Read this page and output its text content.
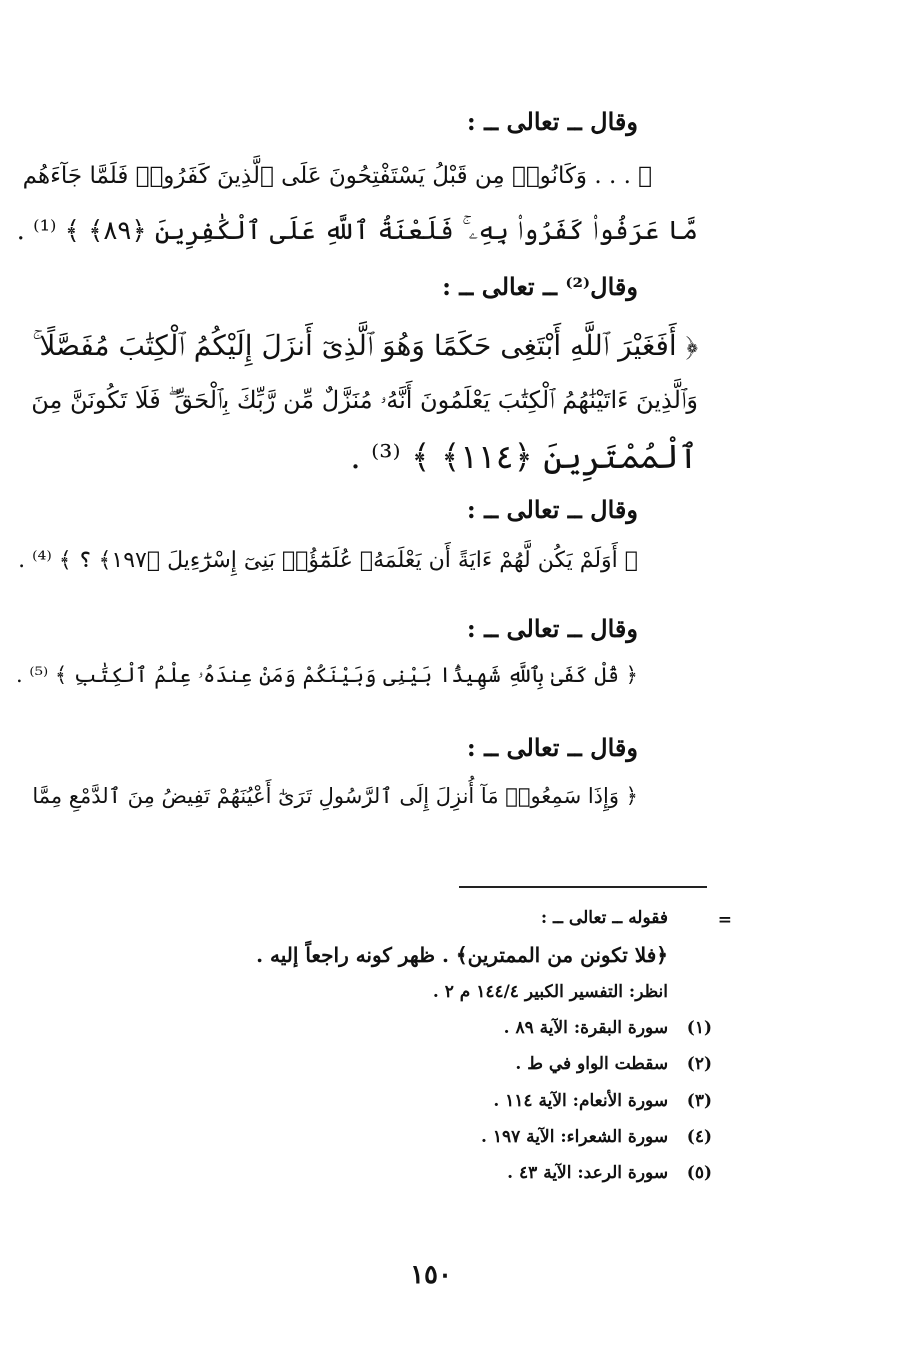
وقال ــ تعالى ــ :
﴿ . . . وَكَانُوا۟ مِن قَبْلُ يَسْتَفْتِحُونَ عَلَى ٱلَّذِينَ كَفَرُوا۟ فَلَمَّا جَآءَهُم
مَّا عَرَفُوا۟ كَفَرُوا۟ بِهِۦ ۚ فَلَعْنَةُ ٱللَّهِ عَلَى ٱلْكَٰفِرِينَ ﴿٨٩﴾ ﴾ ⁽¹⁾ .
وقال⁽²⁾ ــ تعالى ــ :
﴿ أَفَغَيْرَ ٱللَّهِ أَبْتَغِى حَكَمًا وَهُوَ ٱلَّذِىٓ أَنزَلَ إِلَيْكُمُ ٱلْكِتَٰبَ مُفَصَّلًا ۚ
وَٱلَّذِينَ ءَاتَيْنَٰهُمُ ٱلْكِتَٰبَ يَعْلَمُونَ أَنَّهُۥ مُنَزَّلٌ مِّن رَّبِّكَ بِٱلْحَقِّ ۖ فَلَا تَكُونَنَّ مِنَ
ٱلْمُمْتَرِينَ ﴿١١٤﴾ ﴾ ⁽³⁾ .
وقال ــ تعالى ــ :
﴿ أَوَلَمْ يَكُن لَّهُمْ ءَايَةً أَن يَعْلَمَهُۥ عُلَمَٰٓؤُا۟ بَنِىٓ إِسْرَٰٓءِيلَ ﴿١٩٧﴾ ؟ ﴾ ⁽⁴⁾ .
وقال ــ تعالى ــ :
﴿ قُلْ كَفَىٰ بِٱللَّهِ شَهِيدًۢا بَيْنِى وَبَيْنَكُمْ وَمَنْ عِندَهُۥ عِلْمُ ٱلْكِتَٰبِ ﴾ ⁽⁵⁾ .
وقال ــ تعالى ــ :
﴿ وَإِذَا سَمِعُوا۟ مَآ أُنزِلَ إِلَى ٱلرَّسُولِ تَرَىٰٓ أَعْيُنَهُمْ تَفِيضُ مِنَ ٱلدَّمْعِ مِمَّا
=
فقوله ــ تعالى ــ :
﴿فلا تكونن من الممترين﴾ . ظهر كونه راجعاً إليه .
انظر: التفسير الكبير ١٤٤/٤ م ٢ .
(١) سورة البقرة: الآية ٨٩ .
(٢) سقطت الواو في ط .
(٣) سورة الأنعام: الآية ١١٤ .
(٤) سورة الشعراء: الآية ١٩٧ .
(٥) سورة الرعد: الآية ٤٣ .
١٥٠
